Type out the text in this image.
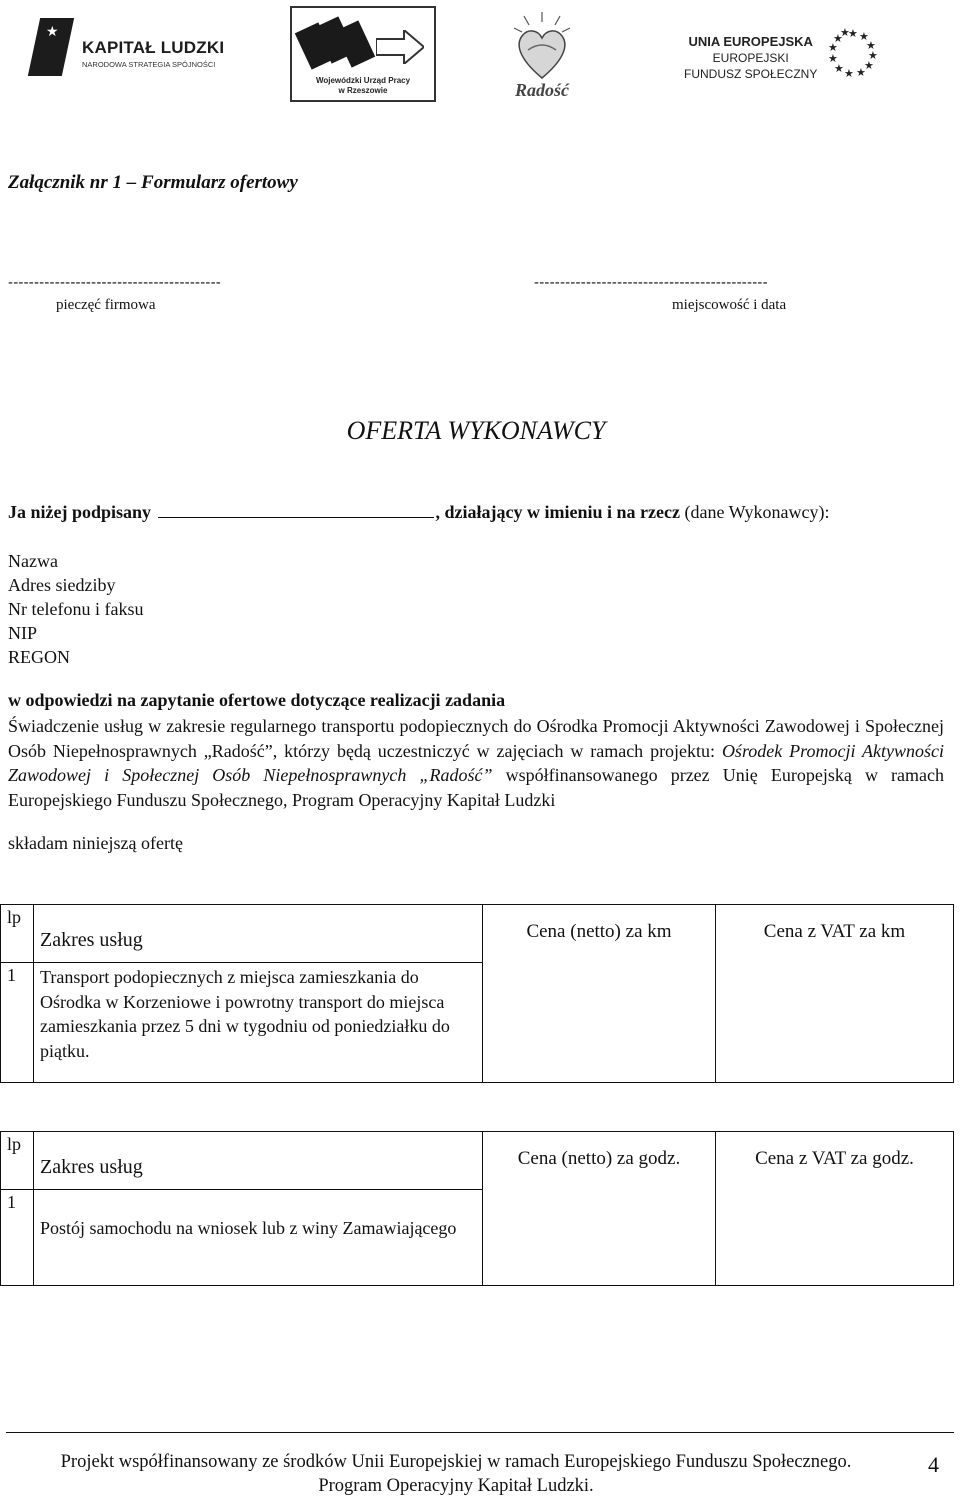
★
KAPITAŁ LUDZKI
NARODOWA STRATEGIA SPÓJNOŚCI
Wojewódzki Urząd Pracy
w Rzeszowie	Radość
UNIA EUROPEJSKA
EUROPEJSKI
FUNDUSZ SPOŁECZNY
★ ★
★
★
★
★
★
★
★
★
★
★
Załącznik nr 1 – Formularz ofertowy
-----------------------------------------	---------------------------------------------
pieczęć firmowa	miejscowość i data
OFERTA WYKONAWCY
Ja niżej podpisany	, działający w imieniu i na rzecz (dane Wykonawcy):
Nazwa
Adres siedziby
Nr telefonu i faksu
NIP
REGON
w odpowiedzi na zapytanie ofertowe dotyczące realizacji zadania
Świadczenie usług w zakresie regularnego transportu podopiecznych do Ośrodka Promocji Aktywności Zawodowej i Społecznej Osób Niepełnosprawnych „Radość”, którzy będą uczestniczyć w zajęciach w ramach projektu: Ośrodek Promocji Aktywności Zawodowej i Społecznej Osób Niepełnosprawnych „Radość” współfinansowanego przez Unię Europejską w ramach Europejskiego Funduszu Społecznego, Program Operacyjny Kapitał Ludzki
składam niniejszą ofertę
lp	Zakres usług	Cena (netto) za km	Cena z VAT za km
1	Transport podopiecznych z miejsca zamieszkania do Ośrodka w Korzeniowe i powrotny transport do miejsca zamieszkania przez 5 dni w tygodniu od poniedziałku do piątku.		
lp	Zakres usług	Cena (netto) za godz.	Cena z VAT za godz.
1	Postój samochodu na wniosek lub z winy Zamawiającego		
Projekt współfinansowany ze środków Unii Europejskiej w ramach Europejskiego Funduszu Społecznego.
Program Operacyjny Kapitał Ludzki.
4
